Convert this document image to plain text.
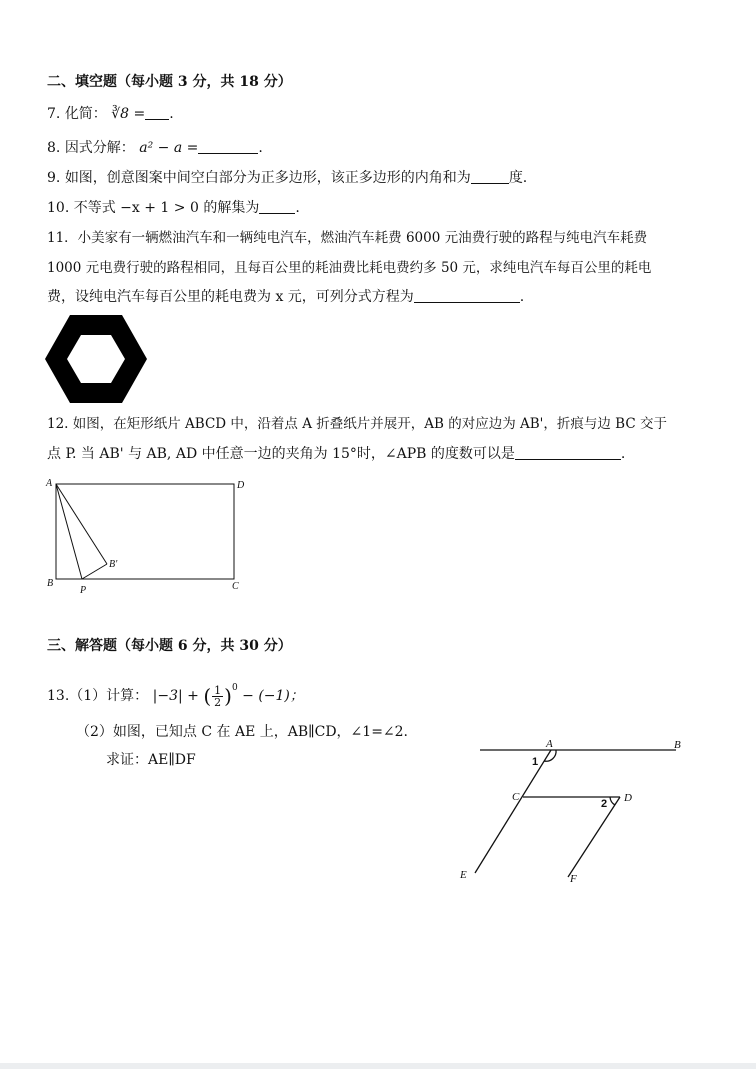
二、填空题（每小题 3 分，共 18 分）
7. 化简： ∛8 = .
8. 因式分解： a² − a =	.
9. 如图，创意图案中间空白部分为正多边形，该正多边形的内角和为	度.
10. 不等式 −x + 1 > 0 的解集为	.
11．小美家有一辆燃油汽车和一辆纯电汽车，燃油汽车耗费 6000 元油费行驶的路程与纯电汽车耗费
1000 元电费行驶的路程相同，且每百公里的耗油费比耗电费约多 50 元，求纯电汽车每百公里的耗电
费，设纯电汽车每百公里的耗电费为 x 元，可列分式方程为	.
12. 如图，在矩形纸片 ABCD 中，沿着点 A 折叠纸片并展开，AB 的对应边为 AB'，折痕与边 BC 交于
点 P. 当 AB' 与 AB, AD 中任意一边的夹角为 15°时，∠APB 的度数可以是	.
A	D
B	C
P
B'
三、解答题（每小题 6 分，共 30 分）
13.（1）计算： |−3| + ( $\frac{1}{2} )^0 - (-1)$；
（2）如图，已知点 C 在 AE 上，AB∥CD，∠1=∠2.
求证：AE∥DF
A	B
C	D
E	F
1
2
